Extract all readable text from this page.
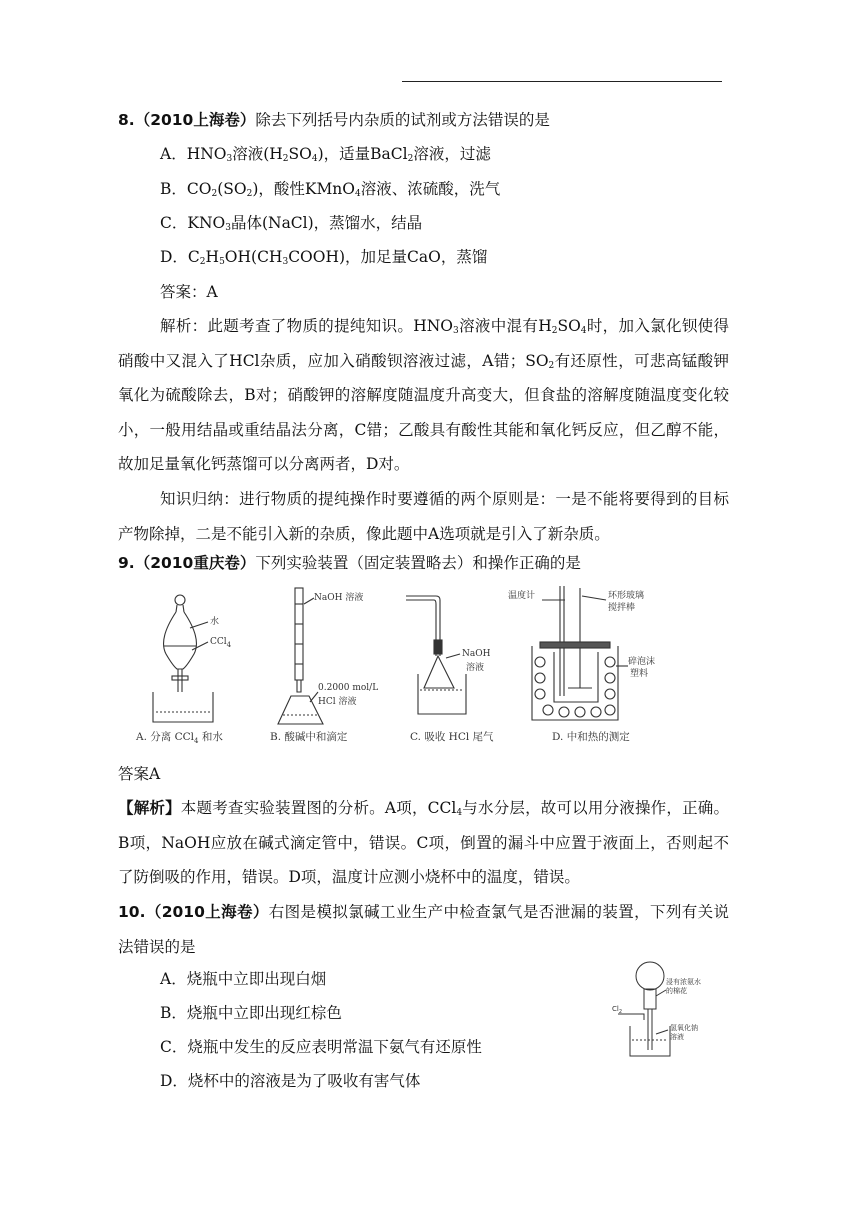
8.（2010上海卷）除去下列括号内杂质的试剂或方法错误的是

A．$HNO_3$溶液$(H_2SO_4)$，适量BaCl$_2$溶液，过滤

B．$CO_2(SO_2)$，酸性KMnO$_4$溶液、浓硫酸，洗气

C．$KNO_3$晶体(NaCl)，蒸馏水，结晶

D．$C_2H_5OH(CH_3COOH)$，加足量CaO，蒸馏

答案：A

解析：此题考查了物质的提纯知识。$HNO_3$溶液中混有$H_2SO_4$时，加入氯化钡使得硝酸中又混入了HCl杂质，应加入硝酸钡溶液过滤，A错；$SO_2$有还原性，可悲高锰酸钾氧化为硫酸除去，B对；硝酸钾的溶解度随温度升高变大，但食盐的溶解度随温度变化较小，一般用结晶或重结晶法分离，C错；乙酸具有酸性其能和氧化钙反应，但乙醇不能，故加足量氧化钙蒸馏可以分离两者，D对。

知识归纳：进行物质的提纯操作时要遵循的两个原则是：一是不能将要得到的目标产物除掉，二是不能引入新的杂质，像此题中A选项就是引入了新杂质。

9.（2010重庆卷）下列实验装置（固定装置略去）和操作正确的是

水
CCl$_4$
NaOH 溶液
0.2000 mol/L
HCl 溶液
NaOH
溶液
温度计	环形玻璃
搅拌棒
碎泡沫
塑料
A. 分离 CCl$_4$ 和水	B. 酸碱中和滴定	C. 吸收 HCl 尾气	D. 中和热的测定

答案A

【解析】本题考查实验装置图的分析。A项，CCl$_4$与水分层，故可以用分液操作，正确。B项，NaOH应放在碱式滴定管中，错误。C项，倒置的漏斗中应置于液面上，否则起不了防倒吸的作用，错误。D项，温度计应测小烧杯中的温度，错误。

10.（2010上海卷）右图是模拟氯碱工业生产中检查氯气是否泄漏的装置，下列有关说法错误的是

A．烧瓶中立即出现白烟

B．烧瓶中立即出现红棕色

C．烧瓶中发生的反应表明常温下氨气有还原性

D．烧杯中的溶液是为了吸收有害气体

浸有浓氨水
的棉花
$Cl_2$
氢氧化钠
溶液
